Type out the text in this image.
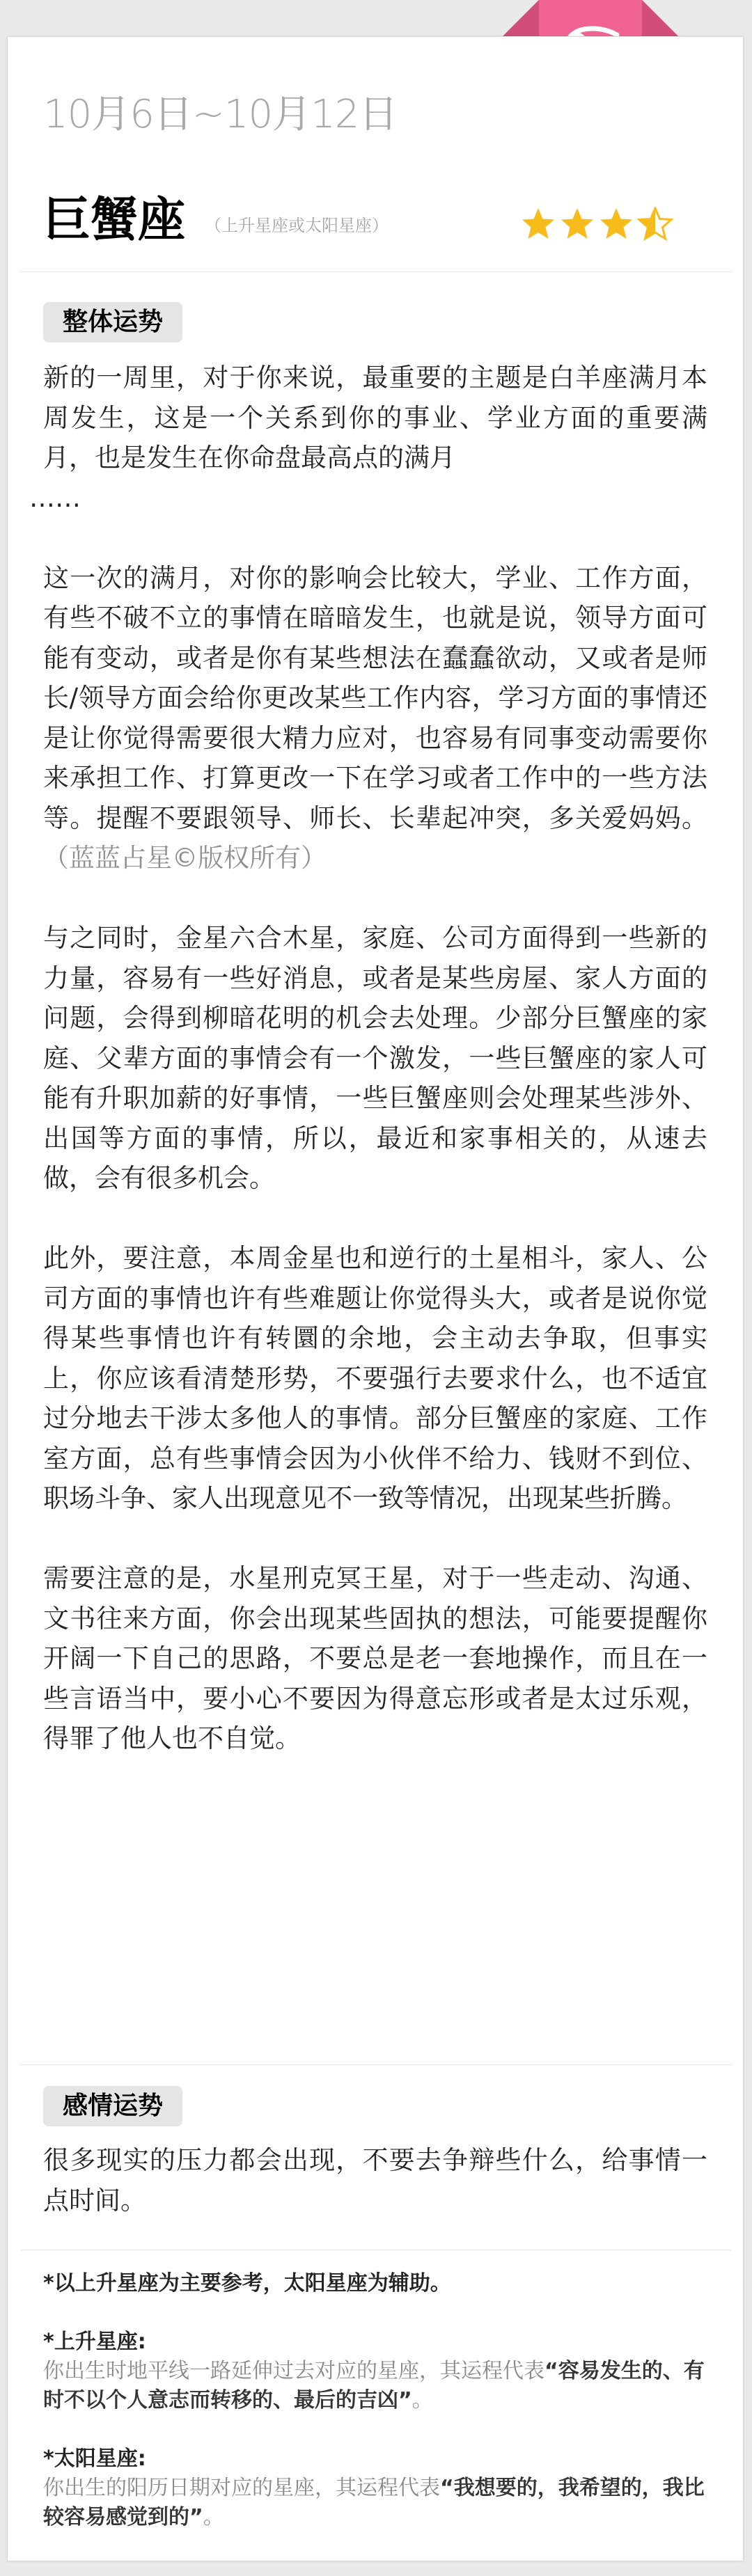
10月6日~10月12日
巨蟹座 （上升星座或太阳星座）
整体运势

新的一周里，对于你来说，最重要的主题是白羊座满月本周发生，这是一个关系到你的事业、学业方面的重要满月，也是发生在你命盘最高点的满月
……

这一次的满月，对你的影响会比较大，学业、工作方面，有些不破不立的事情在暗暗发生，也就是说，领导方面可能有变动，或者是你有某些想法在蠢蠢欲动，又或者是师长/领导方面会给你更改某些工作内容，学习方面的事情还是让你觉得需要很大精力应对，也容易有同事变动需要你来承担工作、打算更改一下在学习或者工作中的一些方法等。提醒不要跟领导、师长、长辈起冲突，多关爱妈妈。（蓝蓝占星©版权所有）

与之同时，金星六合木星，家庭、公司方面得到一些新的力量，容易有一些好消息，或者是某些房屋、家人方面的问题，会得到柳暗花明的机会去处理。少部分巨蟹座的家庭、父辈方面的事情会有一个激发，一些巨蟹座的家人可能有升职加薪的好事情，一些巨蟹座则会处理某些涉外、出国等方面的事情，所以，最近和家事相关的，从速去做，会有很多机会。

此外，要注意，本周金星也和逆行的土星相斗，家人、公司方面的事情也许有些难题让你觉得头大，或者是说你觉得某些事情也许有转圜的余地，会主动去争取，但事实上，你应该看清楚形势，不要强行去要求什么，也不适宜过分地去干涉太多他人的事情。部分巨蟹座的家庭、工作室方面，总有些事情会因为小伙伴不给力、钱财不到位、职场斗争、家人出现意见不一致等情况，出现某些折腾。

需要注意的是，水星刑克冥王星，对于一些走动、沟通、文书往来方面，你会出现某些固执的想法，可能要提醒你开阔一下自己的思路，不要总是老一套地操作，而且在一些言语当中，要小心不要因为得意忘形或者是太过乐观，得罪了他人也不自觉。

感情运势

很多现实的压力都会出现，不要去争辩些什么，给事情一点时间。

*以上升星座为主要参考，太阳星座为辅助。
*上升星座:
你出生时地平线一路延伸过去对应的星座，其运程代表“容易发生的、有时不以个人意志而转移的、最后的吉凶”。
*太阳星座:
你出生的阳历日期对应的星座，其运程代表“我想要的，我希望的，我比较容易感觉到的”。
